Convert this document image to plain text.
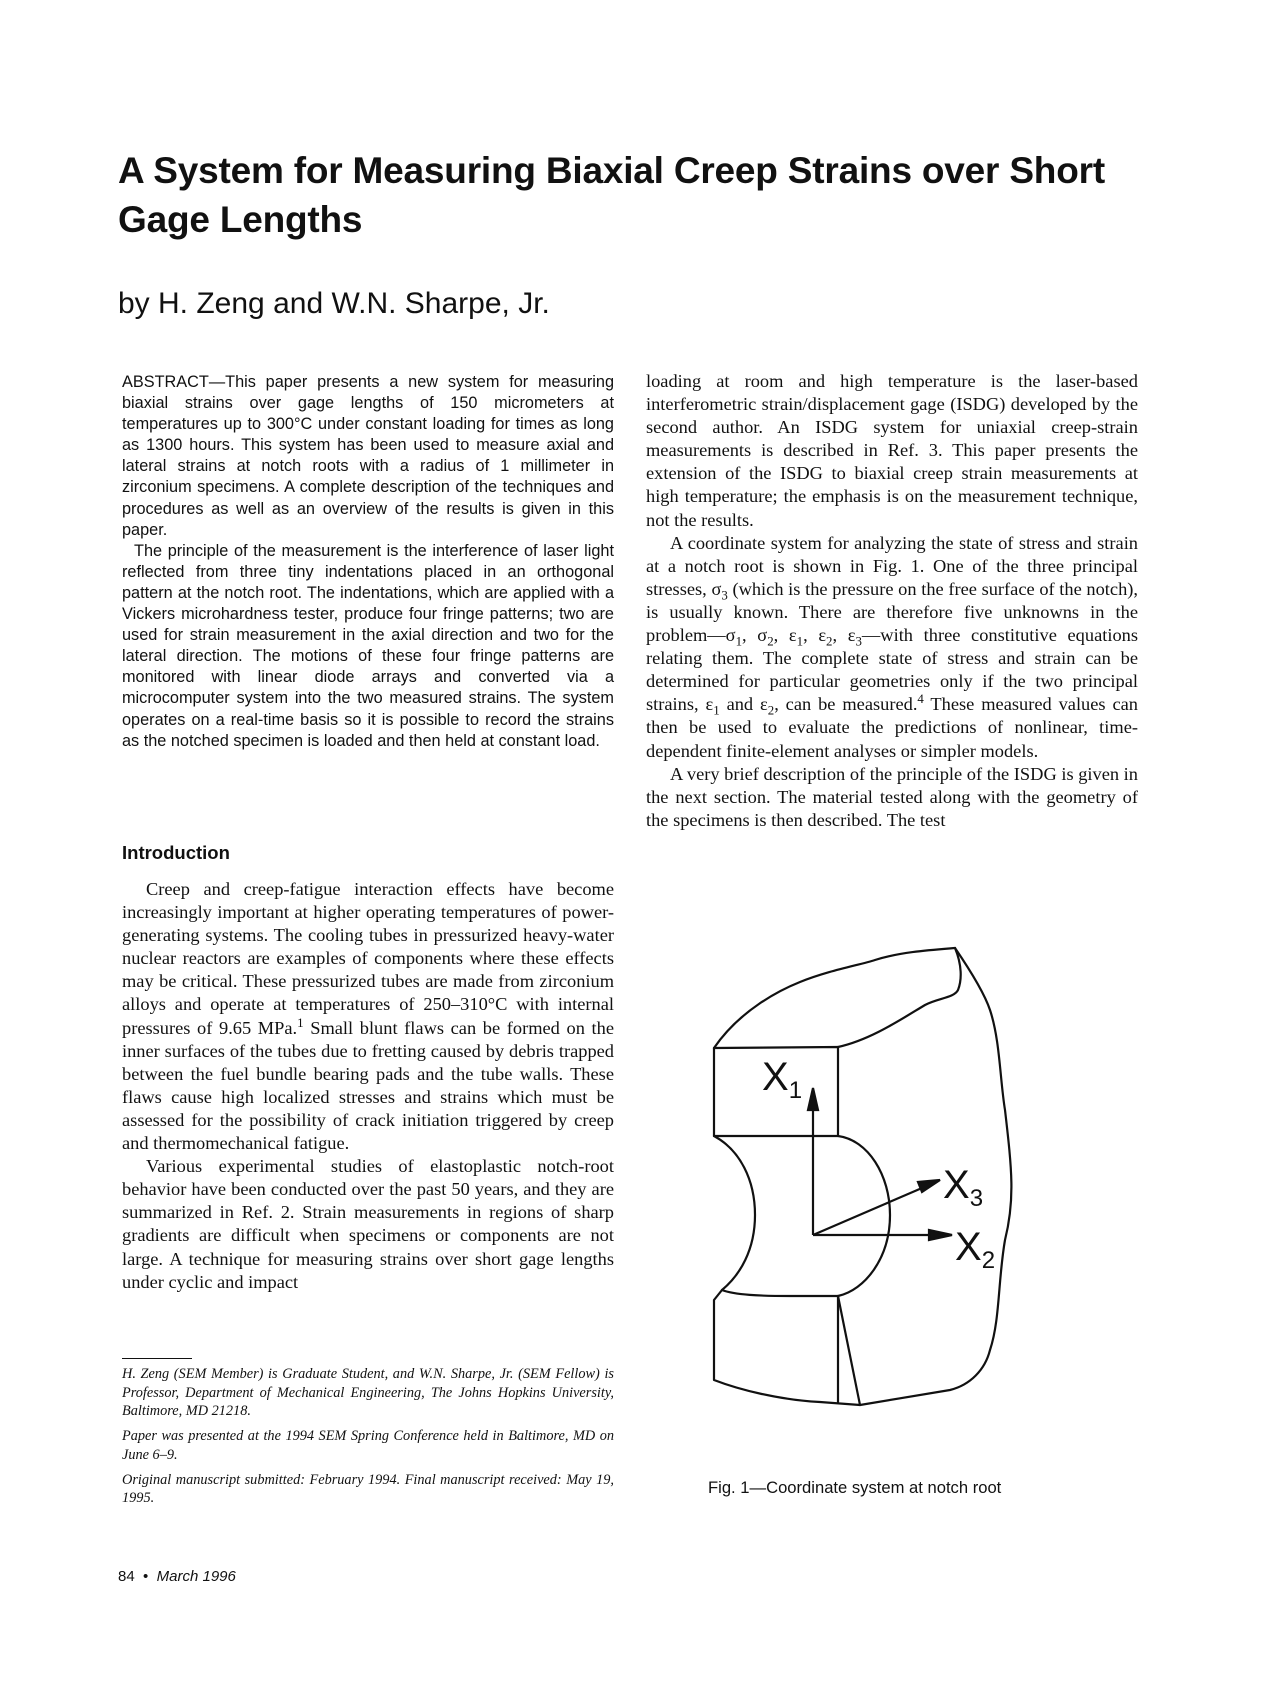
A System for Measuring Biaxial Creep Strains over Short Gage Lengths
by H. Zeng and W.N. Sharpe, Jr.

ABSTRACT—This paper presents a new system for measuring biaxial strains over gage lengths of 150 micrometers at temperatures up to 300°C under constant loading for times as long as 1300 hours. This system has been used to measure axial and lateral strains at notch roots with a radius of 1 millimeter in zirconium specimens. A complete description of the techniques and procedures as well as an overview of the results is given in this paper.

The principle of the measurement is the interference of laser light reflected from three tiny indentations placed in an orthogonal pattern at the notch root. The indentations, which are applied with a Vickers microhardness tester, produce four fringe patterns; two are used for strain measurement in the axial direction and two for the lateral direction. The motions of these four fringe patterns are monitored with linear diode arrays and converted via a microcomputer system into the two measured strains. The system operates on a real-time basis so it is possible to record the strains as the notched specimen is loaded and then held at constant load.

Introduction

Creep and creep-fatigue interaction effects have become increasingly important at higher operating temperatures of power-generating systems. The cooling tubes in pressurized heavy-water nuclear reactors are examples of components where these effects may be critical. These pressurized tubes are made from zirconium alloys and operate at temperatures of 250–310°C with internal pressures of 9.65 MPa.$^1$ Small blunt flaws can be formed on the inner surfaces of the tubes due to fretting caused by debris trapped between the fuel bundle bearing pads and the tube walls. These flaws cause high localized stresses and strains which must be assessed for the possibility of crack initiation triggered by creep and thermomechanical fatigue.

Various experimental studies of elastoplastic notch-root behavior have been conducted over the past 50 years, and they are summarized in Ref. 2. Strain measurements in regions of sharp gradients are difficult when specimens or components are not large. A technique for measuring strains over short gage lengths under cyclic and impact

H. Zeng (SEM Member) is Graduate Student, and W.N. Sharpe, Jr. (SEM Fellow) is Professor, Department of Mechanical Engineering, The Johns Hopkins University, Baltimore, MD 21218.

Paper was presented at the 1994 SEM Spring Conference held in Baltimore, MD on June 6–9.

Original manuscript submitted: February 1994. Final manuscript received: May 19, 1995.

84 • March 1996

loading at room and high temperature is the laser-based interferometric strain/displacement gage (ISDG) developed by the second author. An ISDG system for uniaxial creep-strain measurements is described in Ref. 3. This paper presents the extension of the ISDG to biaxial creep strain measurements at high temperature; the emphasis is on the measurement technique, not the results.

A coordinate system for analyzing the state of stress and strain at a notch root is shown in Fig. 1. One of the three principal stresses, $\sigma_3$ (which is the pressure on the free surface of the notch), is usually known. There are therefore five unknowns in the $problem—\sigma_1$, $\sigma_2$, $\varepsilon_1$, $\varepsilon_2$, $\varepsilon_3—with$ three constitutive equations relating them. The complete state of stress and strain can be determined for particular geometries only if the two principal strains, $\varepsilon_1$ and $\varepsilon_2$, can be measured.$^4$ These measured values can then be used to evaluate the predictions of nonlinear, time-dependent finite-element analyses or simpler models.

A very brief description of the principle of the ISDG is given in the next section. The material tested along with the geometry of the specimens is then described. The test

$X_1$
$X_3$
$X_2$
Fig. 1—Coordinate system at notch root
